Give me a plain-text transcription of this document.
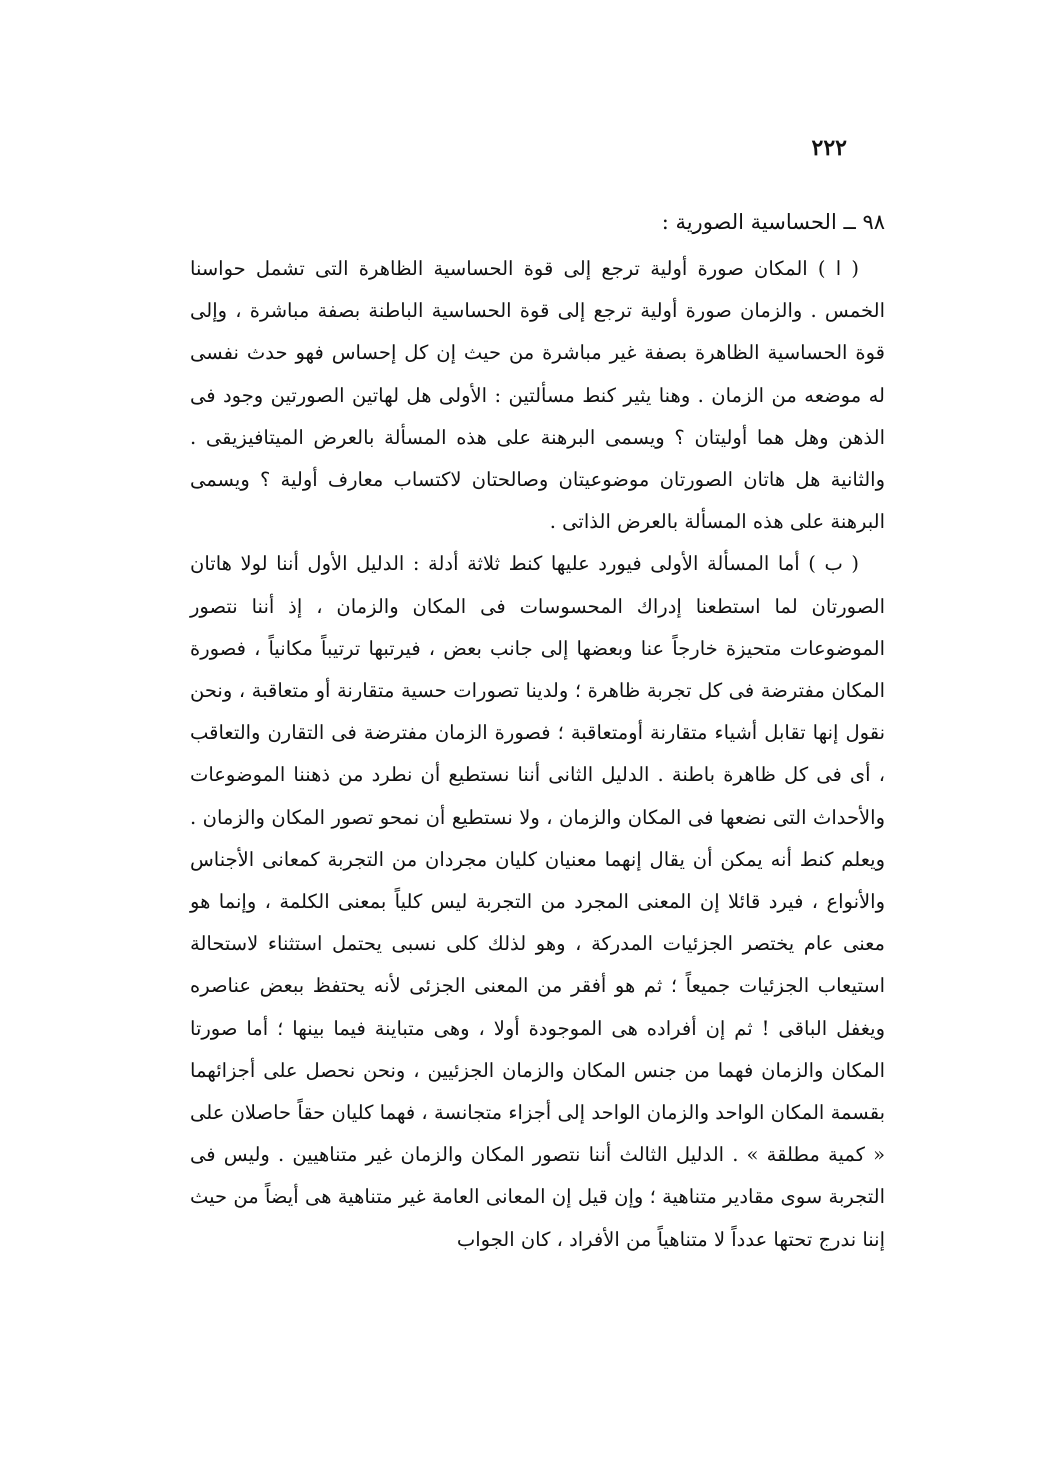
٢٢٢
٩٨ ــ الحساسية الصورية :

( ا ) المكان صورة أولية ترجع إلى قوة الحساسية الظاهرة التى تشمل حواسنا الخمس . والزمان صورة أولية ترجع إلى قوة الحساسية الباطنة بصفة مباشرة ، وإلى قوة الحساسية الظاهرة بصفة غير مباشرة من حيث إن كل إحساس فهو حدث نفسى له موضعه من الزمان . وهنا يثير كنط مسألتين : الأولى هل لهاتين الصورتين وجود فى الذهن وهل هما أوليتان ؟ ويسمى البرهنة على هذه المسألة بالعرض الميتافيزيقى . والثانية هل هاتان الصورتان موضوعيتان وصالحتان لاكتساب معارف أولية ؟ ويسمى البرهنة على هذه المسألة بالعرض الذاتى .

( ب ) أما المسألة الأولى فيورد عليها كنط ثلاثة أدلة : الدليل الأول أننا لولا هاتان الصورتان لما استطعنا إدراك المحسوسات فى المكان والزمان ، إذ أننا نتصور الموضوعات متحيزة خارجاً عنا وبعضها إلى جانب بعض ، فيرتبها ترتيباً مكانياً ، فصورة المكان مفترضة فى كل تجربة ظاهرة ؛ ولدينا تصورات حسية متقارنة أو متعاقبة ، ونحن نقول إنها تقابل أشياء متقارنة أومتعاقبة ؛ فصورة الزمان مفترضة فى التقارن والتعاقب ، أى فى كل ظاهرة باطنة . الدليل الثانى أننا نستطيع أن نطرد من ذهننا الموضوعات والأحداث التى نضعها فى المكان والزمان ، ولا نستطيع أن نمحو تصور المكان والزمان . ويعلم كنط أنه يمكن أن يقال إنهما معنيان كليان مجردان من التجربة كمعانى الأجناس والأنواع ، فيرد قائلا إن المعنى المجرد من التجربة ليس كلياً بمعنى الكلمة ، وإنما هو معنى عام يختصر الجزئيات المدركة ، وهو لذلك كلى نسبى يحتمل استثناء لاستحالة استيعاب الجزئيات جميعاً ؛ ثم هو أفقر من المعنى الجزئى لأنه يحتفظ ببعض عناصره ويغفل الباقى ! ثم إن أفراده هى الموجودة أولا ، وهى متباينة فيما بينها ؛ أما صورتا المكان والزمان فهما من جنس المكان والزمان الجزئيين ، ونحن نحصل على أجزائهما بقسمة المكان الواحد والزمان الواحد إلى أجزاء متجانسة ، فهما كليان حقاً حاصلان على « كمية مطلقة » . الدليل الثالث أننا نتصور المكان والزمان غير متناهيين . وليس فى التجربة سوى مقادير متناهية ؛ وإن قيل إن المعانى العامة غير متناهية هى أيضاً من حيث إننا ندرج تحتها عدداً لا متناهياً من الأفراد ، كان الجواب
